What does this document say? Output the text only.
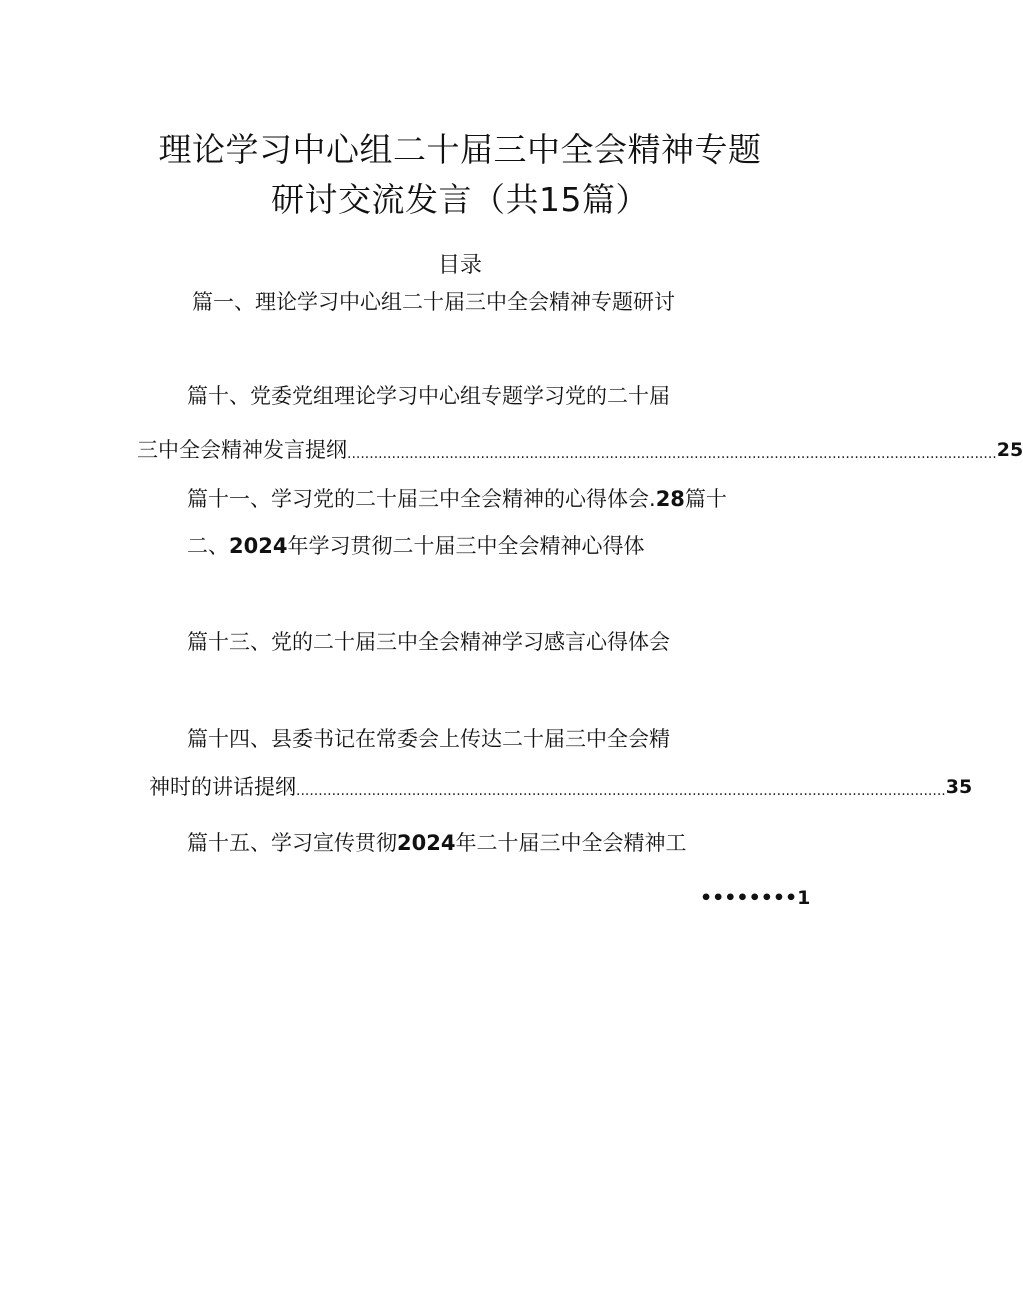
理论学习中心组二十届三中全会精神专题
研讨交流发言（共15篇）
目录
篇一、理论学习中心组二十届三中全会精神专题研讨
篇十、党委党组理论学习中心组专题学习党的二十届
三中全会精神发言提纲 .................................................................................................................................................. 25
篇十一、学习党的二十届三中全会精神的心得体会.28篇十
二、2024年学习贯彻二十届三中全会精神心得体
篇十三、党的二十届三中全会精神学习感言心得体会
篇十四、县委书记在常委会上传达二十届三中全会精
神时的讲话提纲 .................................................................................................................................................. 35
篇十五、学习宣传贯彻2024年二十届三中全会精神工
••••••••1
